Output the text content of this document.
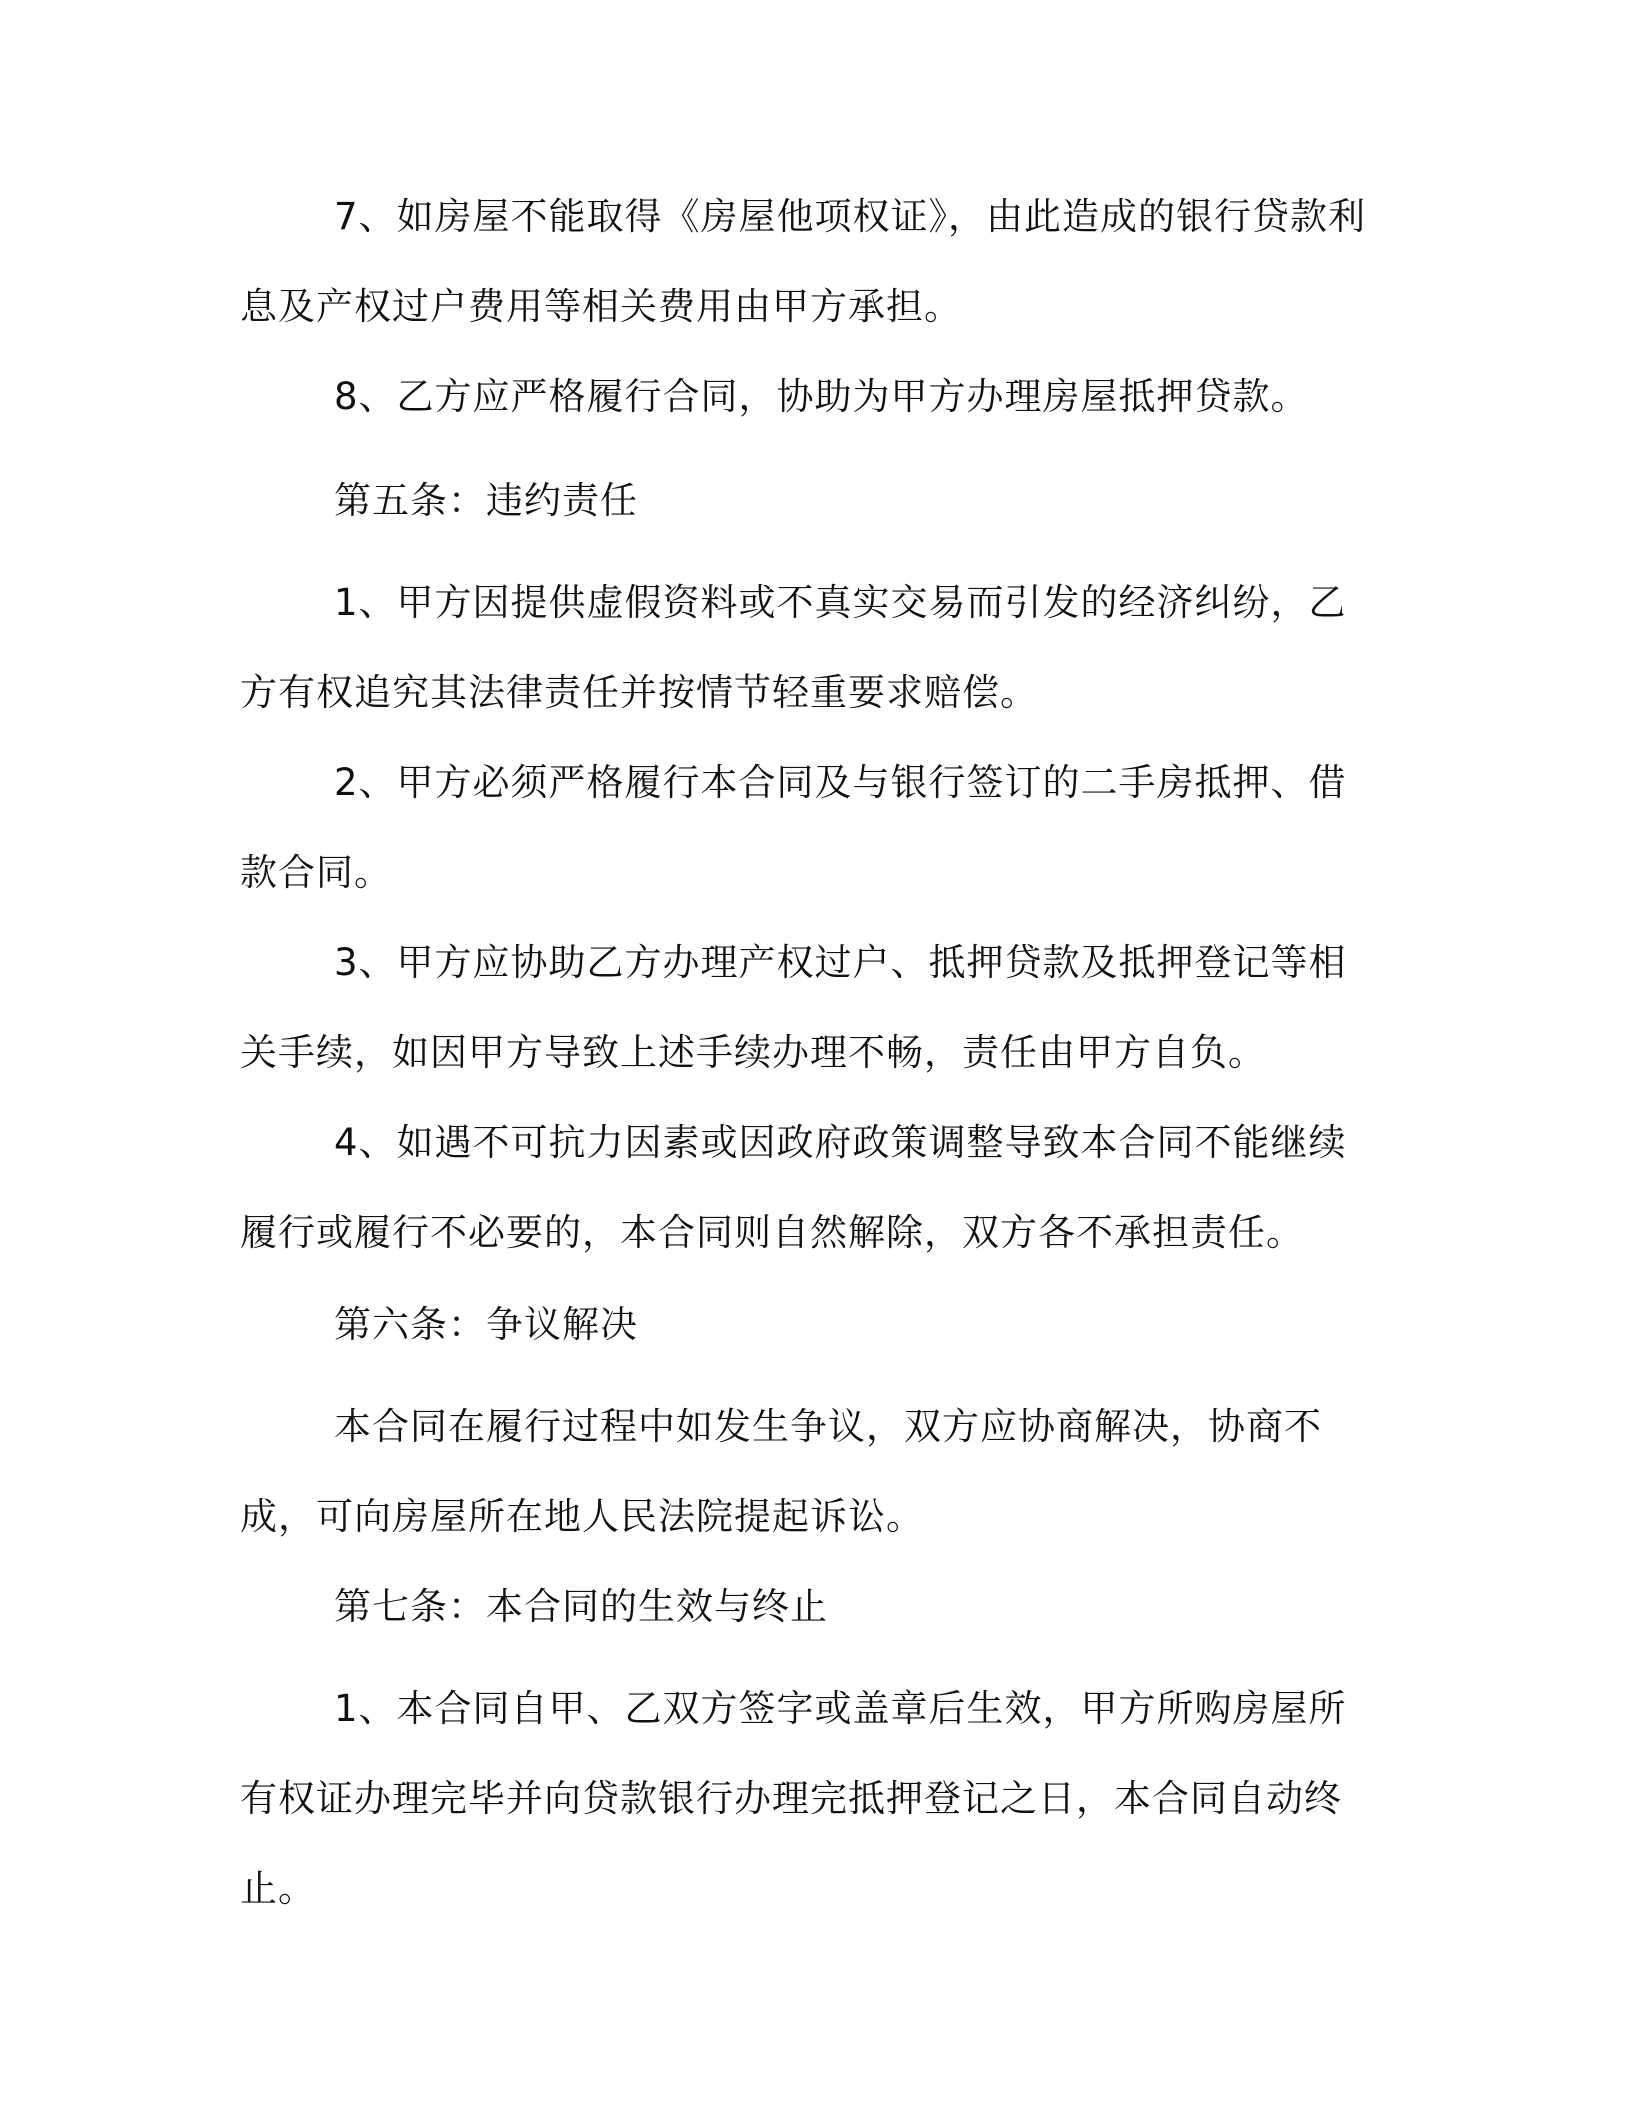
7、如房屋不能取得《房屋他项权证》，由此造成的银行贷款利息及产权过户费用等相关费用由甲方承担。

8、乙方应严格履行合同，协助为甲方办理房屋抵押贷款。

第五条：违约责任

1、甲方因提供虚假资料或不真实交易而引发的经济纠纷，乙方有权追究其法律责任并按情节轻重要求赔偿。

2、甲方必须严格履行本合同及与银行签订的二手房抵押、借款合同。

3、甲方应协助乙方办理产权过户、抵押贷款及抵押登记等相关手续，如因甲方导致上述手续办理不畅，责任由甲方自负。

4、如遇不可抗力因素或因政府政策调整导致本合同不能继续履行或履行不必要的，本合同则自然解除，双方各不承担责任。

第六条：争议解决

本合同在履行过程中如发生争议，双方应协商解决，协商不成，可向房屋所在地人民法院提起诉讼。

第七条：本合同的生效与终止

1、本合同自甲、乙双方签字或盖章后生效，甲方所购房屋所有权证办理完毕并向贷款银行办理完抵押登记之日，本合同自动终止。
